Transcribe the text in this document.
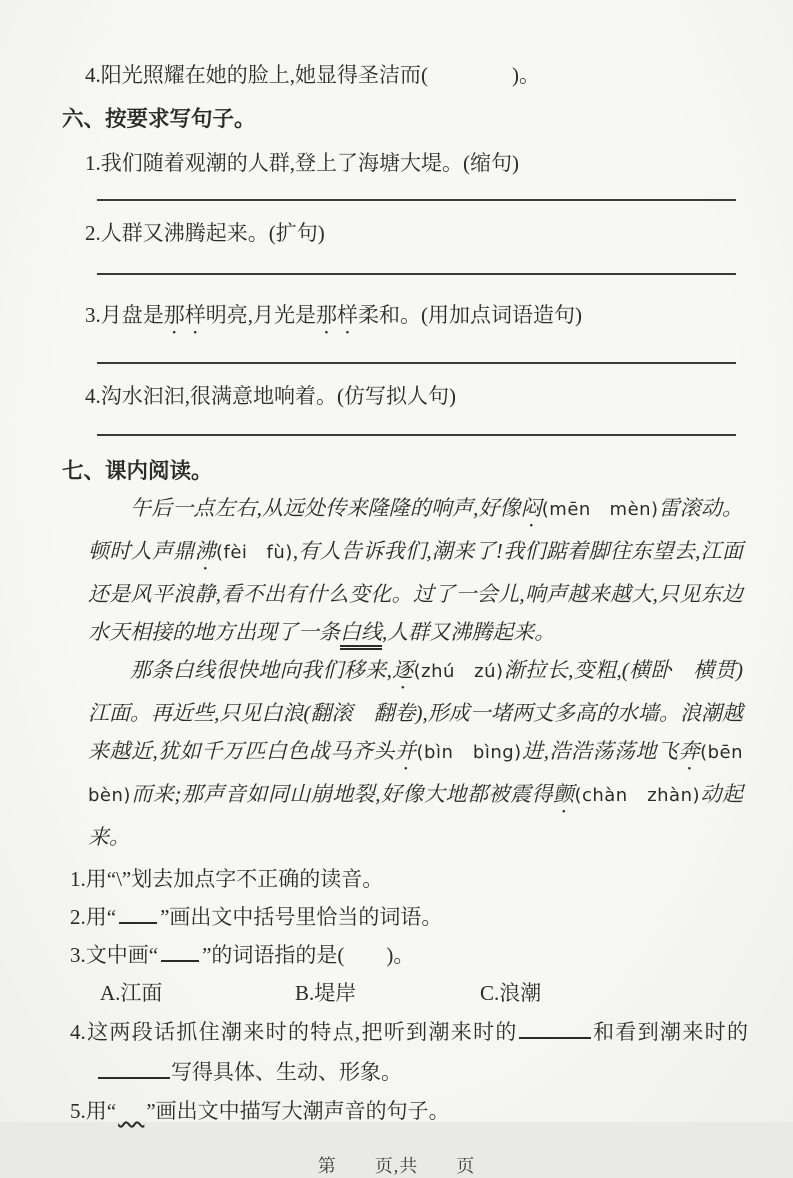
4.阳光照耀在她的脸上,她显得圣洁而(　　　　)。

六、按要求写句子。

1.我们随着观潮的人群,登上了海塘大堤。(缩句)

2.人群又沸腾起来。(扩句)

3.月盘是那样明亮,月光是那样柔和。(用加点词语造句)

4.沟水汩汩,很满意地响着。(仿写拟人句)

七、课内阅读。

午后一点左右,从远处传来隆隆的响声,好像闷(mēn　mèn)雷滚动。顿时人声鼎沸(fèi　fù),有人告诉我们,潮来了!我们踮着脚往东望去,江面还是风平浪静,看不出有什么变化。过了一会儿,响声越来越大,只见东边水天相接的地方出现了一条白线,人群又沸腾起来。

那条白线很快地向我们移来,逐(zhú　zú)渐拉长,变粗,(横卧　横贯)江面。再近些,只见白浪(翻滚　翻卷),形成一堵两丈多高的水墙。浪潮越来越近,犹如千万匹白色战马齐头并(bìn　bìng)进,浩浩荡荡地飞奔(bēn　bèn)而来;那声音如同山崩地裂,好像大地都被震得颤(chàn　zhàn)动起来。

1.用“\”划去加点字不正确的读音。

2.用“ ”画出文中括号里恰当的词语。

3.文中画“ ”的词语指的是(　　)。

A.江面	B.堤岸	C.浪潮

4.这两段话抓住潮来时的特点,把听到潮来时的	和看到潮来时的写得具体、生动、形象。

5.用“ ”画出文中描写大潮声音的句子。

第　　页,共　　页
